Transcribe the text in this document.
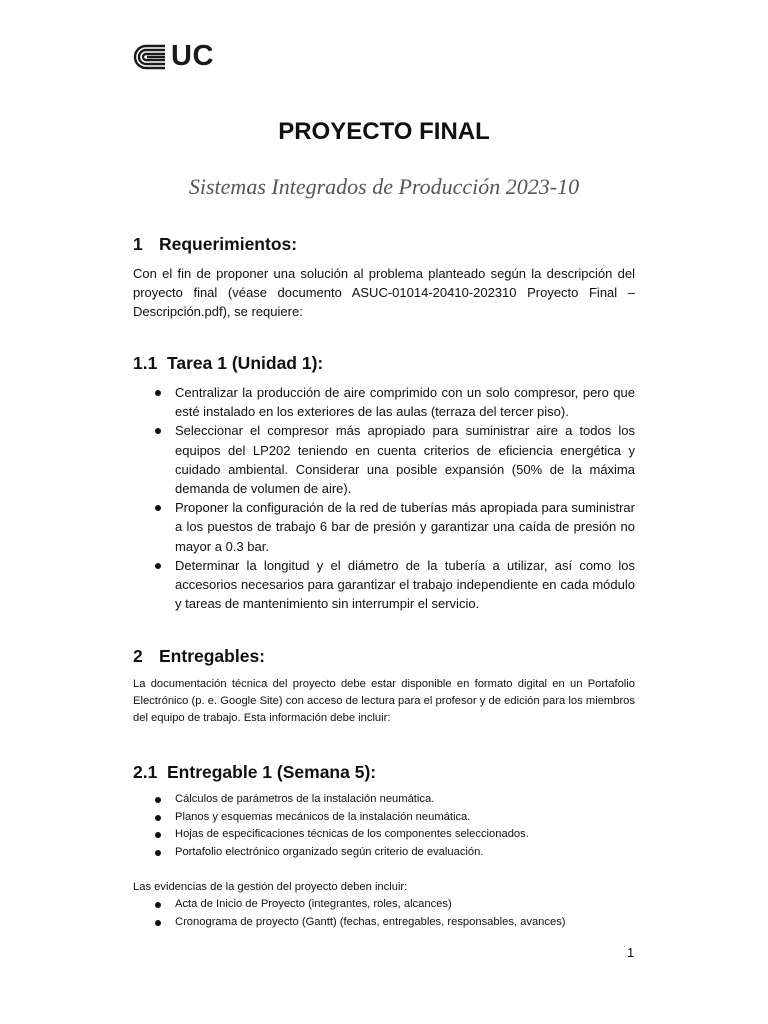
UC
PROYECTO FINAL
Sistemas Integrados de Producción 2023-10
1 Requerimientos:
Con el fin de proponer una solución al problema planteado según la descripción del proyecto final (véase documento ASUC-01014-20410-202310 Proyecto Final – Descripción.pdf), se requiere:
1.1 Tarea 1 (Unidad 1):
Centralizar la producción de aire comprimido con un solo compresor, pero que esté instalado en los exteriores de las aulas (terraza del tercer piso).
Seleccionar el compresor más apropiado para suministrar aire a todos los equipos del LP202 teniendo en cuenta criterios de eficiencia energética y cuidado ambiental. Considerar una posible expansión (50% de la máxima demanda de volumen de aire).
Proponer la configuración de la red de tuberías más apropiada para suministrar a los puestos de trabajo 6 bar de presión y garantizar una caída de presión no mayor a 0.3 bar.
Determinar la longitud y el diámetro de la tubería a utilizar, así como los accesorios necesarios para garantizar el trabajo independiente en cada módulo y tareas de mantenimiento sin interrumpir el servicio.
2 Entregables:
La documentación técnica del proyecto debe estar disponible en formato digital en un Portafolio Electrónico (p. e. Google Site) con acceso de lectura para el profesor y de edición para los miembros del equipo de trabajo. Esta información debe incluir:
2.1 Entregable 1 (Semana 5):
Cálculos de parámetros de la instalación neumática.
Planos y esquemas mecánicos de la instalación neumática.
Hojas de especificaciones técnicas de los componentes seleccionados.
Portafolio electrónico organizado según criterio de evaluación.
Las evidencias de la gestión del proyecto deben incluir:
Acta de Inicio de Proyecto (integrantes, roles, alcances)
Cronograma de proyecto (Gantt) (fechas, entregables, responsables, avances)
1
